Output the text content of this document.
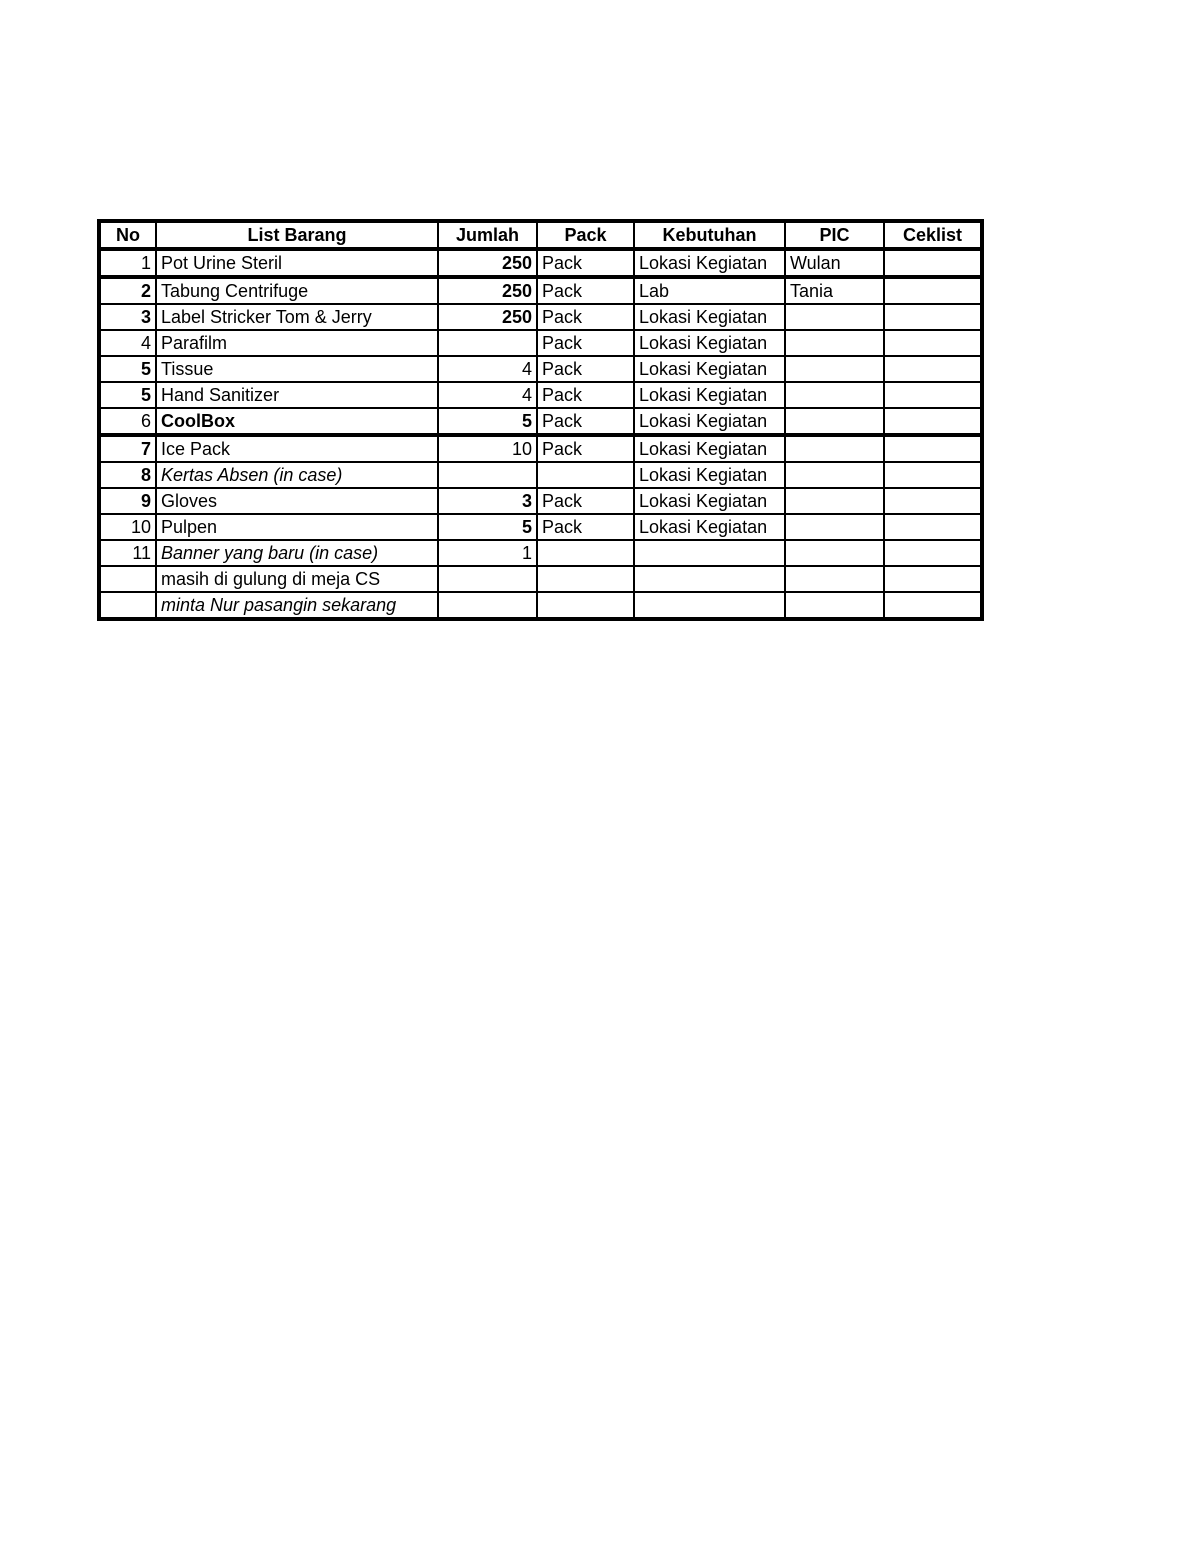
No	List Barang	Jumlah	Pack	Kebutuhan	PIC	Ceklist
1	Pot Urine Steril	250	Pack	Lokasi Kegiatan	Wulan	
2	Tabung Centrifuge	250	Pack	Lab	Tania	
3	Label Stricker Tom & Jerry	250	Pack	Lokasi Kegiatan		
4	Parafilm		Pack	Lokasi Kegiatan		
5	Tissue	4	Pack	Lokasi Kegiatan		
5	Hand Sanitizer	4	Pack	Lokasi Kegiatan		
6	CoolBox	5	Pack	Lokasi Kegiatan		
7	Ice Pack	10	Pack	Lokasi Kegiatan		
8	Kertas Absen (in case)			Lokasi Kegiatan		
9	Gloves	3	Pack	Lokasi Kegiatan		
10	Pulpen	5	Pack	Lokasi Kegiatan		
11	Banner yang baru (in case)	1				
	masih di gulung di meja CS					
	minta Nur pasangin sekarang					
